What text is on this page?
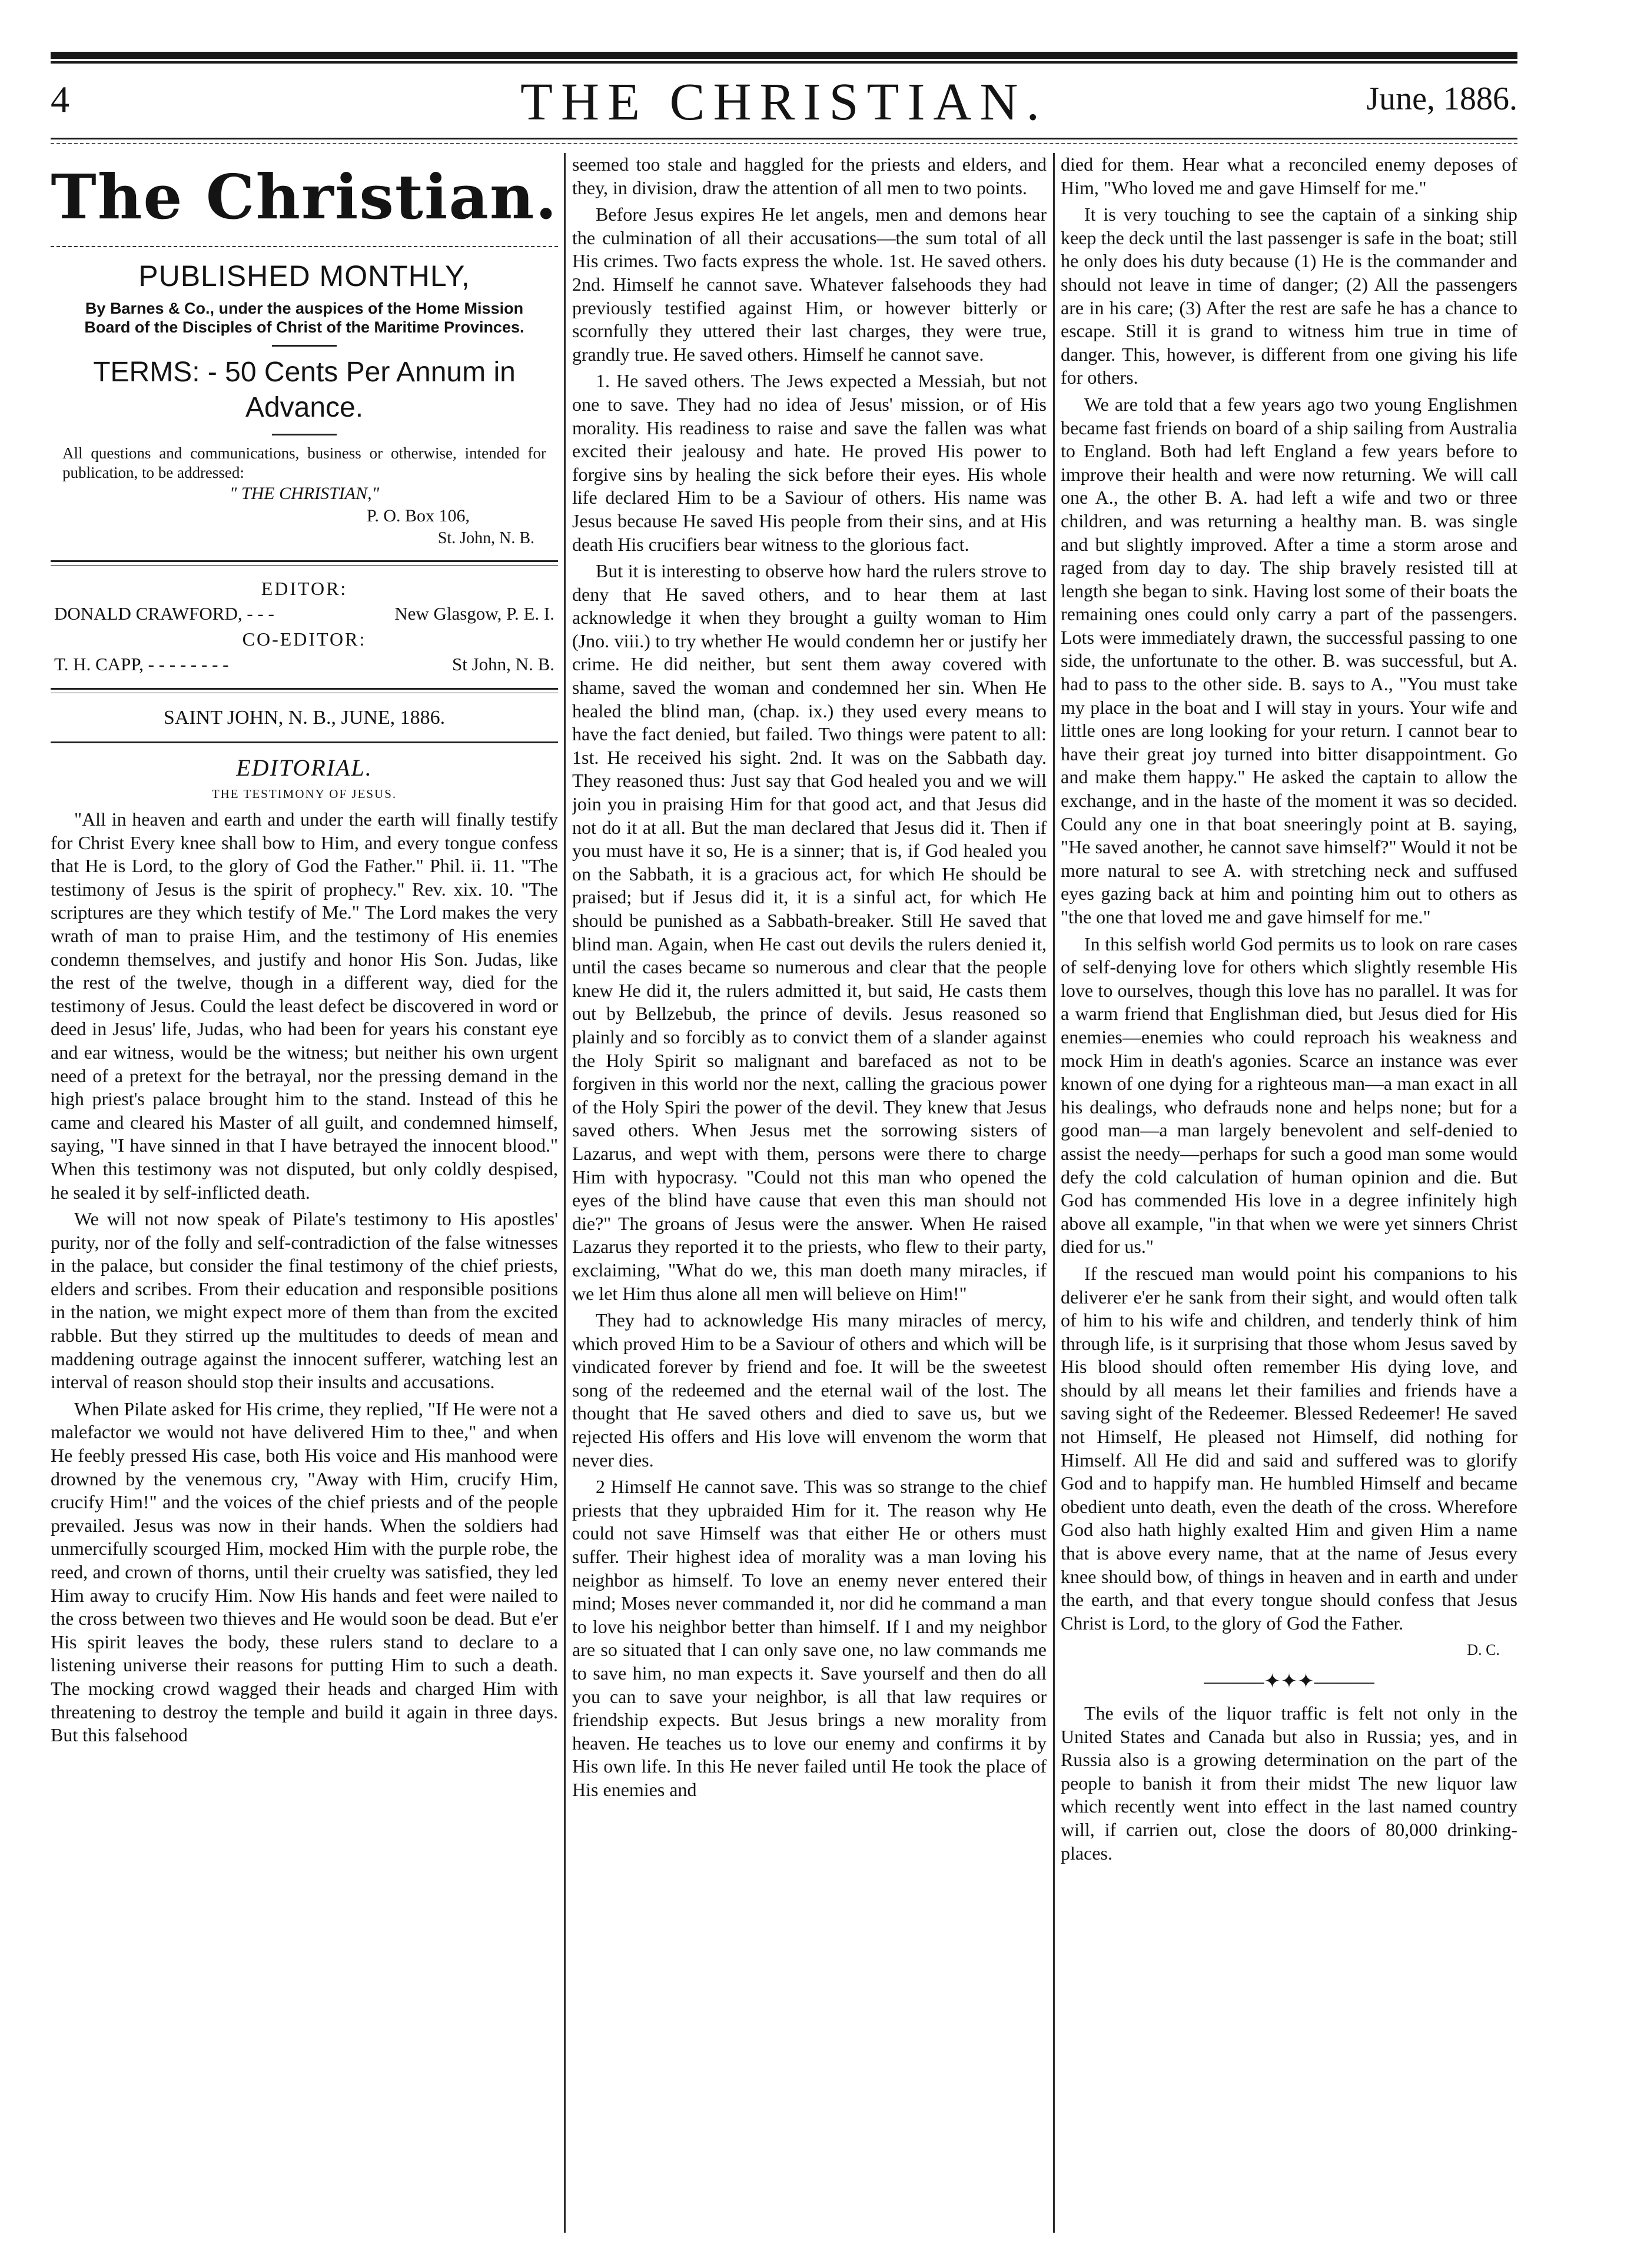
4	THE CHRISTIAN.	June, 1886.
The Christian.
PUBLISHED MONTHLY,
By Barnes & Co., under the auspices of the Home Mission Board of the Disciples of Christ of the Maritime Provinces.
TERMS: - 50 Cents Per Annum in Advance.
All questions and communications, business or otherwise, intended for publication, to be addressed:
" THE CHRISTIAN,"
P. O. Box 106,
St. John, N. B.
EDITOR:
DONALD CRAWFORD, - - -	New Glasgow, P. E. I.
CO-EDITOR:
T. H. CAPP, - - - - - - - -	St John, N. B.
SAINT JOHN, N. B., JUNE, 1886.
EDITORIAL.
THE TESTIMONY OF JESUS.

"All in heaven and earth and under the earth will finally testify for Christ Every knee shall bow to Him, and every tongue confess that He is Lord, to the glory of God the Father." Phil. ii. 11. "The testimony of Jesus is the spirit of prophecy." Rev. xix. 10. "The scriptures are they which testify of Me." The Lord makes the very wrath of man to praise Him, and the testimony of His enemies condemn themselves, and justify and honor His Son. Judas, like the rest of the twelve, though in a different way, died for the testimony of Jesus. Could the least defect be discovered in word or deed in Jesus' life, Judas, who had been for years his constant eye and ear witness, would be the witness; but neither his own urgent need of a pretext for the betrayal, nor the pressing demand in the high priest's palace brought him to the stand. Instead of this he came and cleared his Master of all guilt, and condemned himself, saying, "I have sinned in that I have betrayed the innocent blood." When this testimony was not disputed, but only coldly despised, he sealed it by self-inflicted death.

We will not now speak of Pilate's testimony to His apostles' purity, nor of the folly and self-contradiction of the false witnesses in the palace, but consider the final testimony of the chief priests, elders and scribes. From their education and responsible positions in the nation, we might expect more of them than from the excited rabble. But they stirred up the multitudes to deeds of mean and maddening outrage against the innocent sufferer, watching lest an interval of reason should stop their insults and accusations.

When Pilate asked for His crime, they replied, "If He were not a malefactor we would not have delivered Him to thee," and when He feebly pressed His case, both His voice and His manhood were drowned by the venemous cry, "Away with Him, crucify Him, crucify Him!" and the voices of the chief priests and of the people prevailed. Jesus was now in their hands. When the soldiers had unmercifully scourged Him, mocked Him with the purple robe, the reed, and crown of thorns, until their cruelty was satisfied, they led Him away to crucify Him. Now His hands and feet were nailed to the cross between two thieves and He would soon be dead. But e'er His spirit leaves the body, these rulers stand to declare to a listening universe their reasons for putting Him to such a death. The mocking crowd wagged their heads and charged Him with threatening to destroy the temple and build it again in three days. But this falsehood

seemed too stale and haggled for the priests and elders, and they, in division, draw the attention of all men to two points.

Before Jesus expires He let angels, men and demons hear the culmination of all their accusations—the sum total of all His crimes. Two facts express the whole. 1st. He saved others. 2nd. Himself he cannot save. Whatever falsehoods they had previously testified against Him, or however bitterly or scornfully they uttered their last charges, they were true, grandly true. He saved others. Himself he cannot save.

1. He saved others. The Jews expected a Messiah, but not one to save. They had no idea of Jesus' mission, or of His morality. His readiness to raise and save the fallen was what excited their jealousy and hate. He proved His power to forgive sins by healing the sick before their eyes. His whole life declared Him to be a Saviour of others. His name was Jesus because He saved His people from their sins, and at His death His crucifiers bear witness to the glorious fact.

But it is interesting to observe how hard the rulers strove to deny that He saved others, and to hear them at last acknowledge it when they brought a guilty woman to Him (Jno. viii.) to try whether He would condemn her or justify her crime. He did neither, but sent them away covered with shame, saved the woman and condemned her sin. When He healed the blind man, (chap. ix.) they used every means to have the fact denied, but failed. Two things were patent to all: 1st. He received his sight. 2nd. It was on the Sabbath day. They reasoned thus: Just say that God healed you and we will join you in praising Him for that good act, and that Jesus did not do it at all. But the man declared that Jesus did it. Then if you must have it so, He is a sinner; that is, if God healed you on the Sabbath, it is a gracious act, for which He should be praised; but if Jesus did it, it is a sinful act, for which He should be punished as a Sabbath-breaker. Still He saved that blind man. Again, when He cast out devils the rulers denied it, until the cases became so numerous and clear that the people knew He did it, the rulers admitted it, but said, He casts them out by Bellzebub, the prince of devils. Jesus reasoned so plainly and so forcibly as to convict them of a slander against the Holy Spirit so malignant and barefaced as not to be forgiven in this world nor the next, calling the gracious power of the Holy Spiri the power of the devil. They knew that Jesus saved others. When Jesus met the sorrowing sisters of Lazarus, and wept with them, persons were there to charge Him with hypocrasy. "Could not this man who opened the eyes of the blind have cause that even this man should not die?" The groans of Jesus were the answer. When He raised Lazarus they reported it to the priests, who flew to their party, exclaiming, "What do we, this man doeth many miracles, if we let Him thus alone all men will believe on Him!"

They had to acknowledge His many miracles of mercy, which proved Him to be a Saviour of others and which will be vindicated forever by friend and foe. It will be the sweetest song of the redeemed and the eternal wail of the lost. The thought that He saved others and died to save us, but we rejected His offers and His love will envenom the worm that never dies.

2 Himself He cannot save. This was so strange to the chief priests that they upbraided Him for it. The reason why He could not save Himself was that either He or others must suffer. Their highest idea of morality was a man loving his neighbor as himself. To love an enemy never entered their mind; Moses never commanded it, nor did he command a man to love his neighbor better than himself. If I and my neighbor are so situated that I can only save one, no law commands me to save him, no man expects it. Save yourself and then do all you can to save your neighbor, is all that law requires or friendship expects. But Jesus brings a new morality from heaven. He teaches us to love our enemy and confirms it by His own life. In this He never failed until He took the place of His enemies and

died for them. Hear what a reconciled enemy deposes of Him, "Who loved me and gave Himself for me."

It is very touching to see the captain of a sinking ship keep the deck until the last passenger is safe in the boat; still he only does his duty because (1) He is the commander and should not leave in time of danger; (2) All the passengers are in his care; (3) After the rest are safe he has a chance to escape. Still it is grand to witness him true in time of danger. This, however, is different from one giving his life for others.

We are told that a few years ago two young Englishmen became fast friends on board of a ship sailing from Australia to England. Both had left England a few years before to improve their health and were now returning. We will call one A., the other B. A. had left a wife and two or three children, and was returning a healthy man. B. was single and but slightly improved. After a time a storm arose and raged from day to day. The ship bravely resisted till at length she began to sink. Having lost some of their boats the remaining ones could only carry a part of the passengers. Lots were immediately drawn, the successful passing to one side, the unfortunate to the other. B. was successful, but A. had to pass to the other side. B. says to A., "You must take my place in the boat and I will stay in yours. Your wife and little ones are long looking for your return. I cannot bear to have their great joy turned into bitter disappointment. Go and make them happy." He asked the captain to allow the exchange, and in the haste of the moment it was so decided. Could any one in that boat sneeringly point at B. saying, "He saved another, he cannot save himself?" Would it not be more natural to see A. with stretching neck and suffused eyes gazing back at him and pointing him out to others as "the one that loved me and gave himself for me."

In this selfish world God permits us to look on rare cases of self-denying love for others which slightly resemble His love to ourselves, though this love has no parallel. It was for a warm friend that Englishman died, but Jesus died for His enemies—enemies who could reproach his weakness and mock Him in death's agonies. Scarce an instance was ever known of one dying for a righteous man—a man exact in all his dealings, who defrauds none and helps none; but for a good man—a man largely benevolent and self-denied to assist the needy—perhaps for such a good man some would defy the cold calculation of human opinion and die. But God has commended His love in a degree infinitely high above all example, "in that when we were yet sinners Christ died for us."

If the rescued man would point his companions to his deliverer e'er he sank from their sight, and would often talk of him to his wife and children, and tenderly think of him through life, is it surprising that those whom Jesus saved by His blood should often remember His dying love, and should by all means let their families and friends have a saving sight of the Redeemer. Blessed Redeemer! He saved not Himself, He pleased not Himself, did nothing for Himself. All He did and said and suffered was to glorify God and to happify man. He humbled Himself and became obedient unto death, even the death of the cross. Wherefore God also hath highly exalted Him and given Him a name that is above every name, that at the name of Jesus every knee should bow, of things in heaven and in earth and under the earth, and that every tongue should confess that Jesus Christ is Lord, to the glory of God the Father.

D. C.
———✦✦✦———

The evils of the liquor traffic is felt not only in the United States and Canada but also in Russia; yes, and in Russia also is a growing determination on the part of the people to banish it from their midst The new liquor law which recently went into effect in the last named country will, if carrien out, close the doors of 80,000 drinking-places.
